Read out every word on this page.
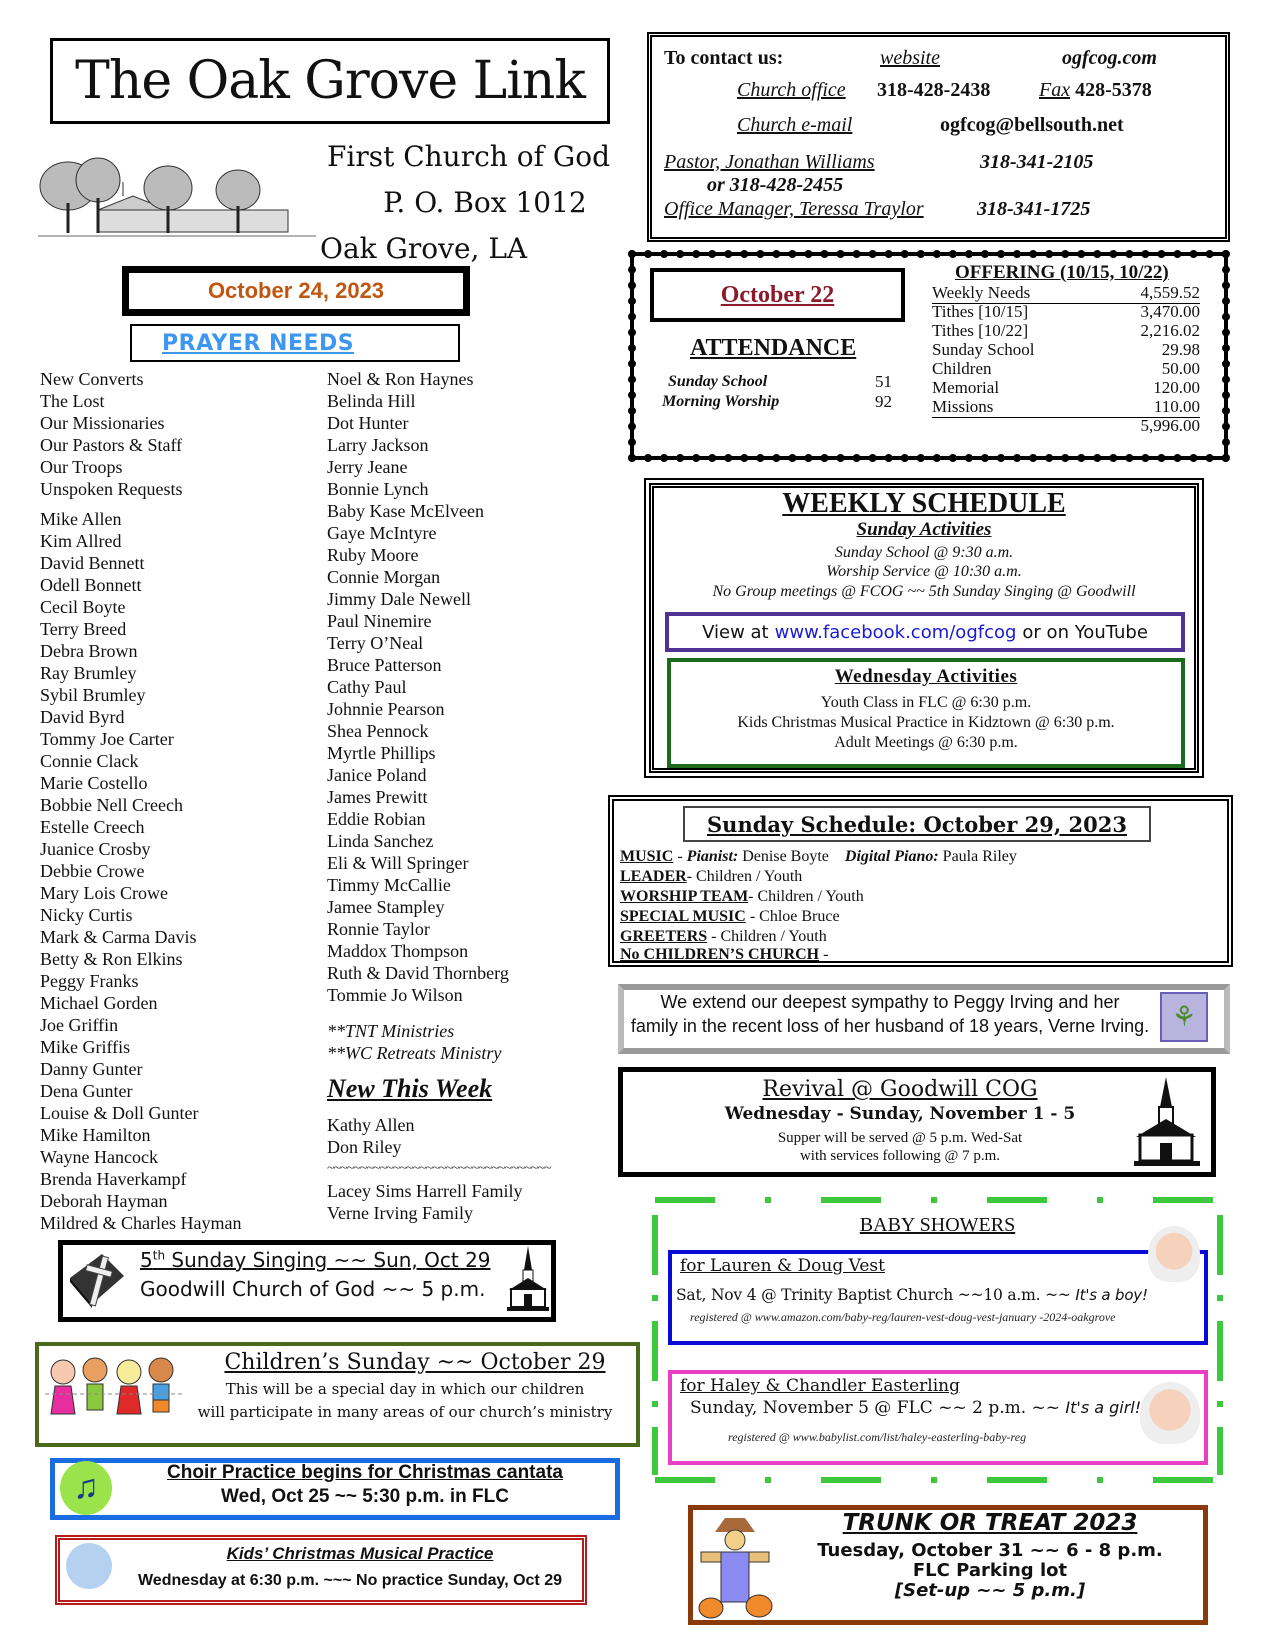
The Oak Grove Link
First Church of God
P. O. Box 1012
Oak Grove, LA
October 24, 2023
PRAYER NEEDS
New Converts
The Lost
Our Missionaries
Our Pastors & Staff
Our Troops
Unspoken Requests
Mike Allen
Kim Allred
David Bennett
Odell Bonnett
Cecil Boyte
Terry Breed
Debra Brown
Ray Brumley
Sybil Brumley
David Byrd
Tommy Joe Carter
Connie Clack
Marie Costello
Bobbie Nell Creech
Estelle Creech
Juanice Crosby
Debbie Crowe
Mary Lois Crowe
Nicky Curtis
Mark & Carma Davis
Betty & Ron Elkins
Peggy Franks
Michael Gorden
Joe Griffin
Mike Griffis
Danny Gunter
Dena Gunter
Louise & Doll Gunter
Mike Hamilton
Wayne Hancock
Brenda Haverkampf
Deborah Hayman
Mildred & Charles Hayman
Noel & Ron Haynes
Belinda Hill
Dot Hunter
Larry Jackson
Jerry Jeane
Bonnie Lynch
Baby Kase McElveen
Gaye McIntyre
Ruby Moore
Connie Morgan
Jimmy Dale Newell
Paul Ninemire
Terry O’Neal
Bruce Patterson
Cathy Paul
Johnnie Pearson
Shea Pennock
Myrtle Phillips
Janice Poland
James Prewitt
Eddie Robian
Linda Sanchez
Eli & Will Springer
Timmy McCallie
Jamee Stampley
Ronnie Taylor
Maddox Thompson
Ruth & David Thornberg
Tommie Jo Wilson
**TNT Ministries
**WC Retreats Ministry
New This Week
Kathy Allen
Don Riley
~~~~~~~~~~~~~~~~~~~~~~~~~~~~~~~~~~
Lacey Sims Harrell Family
Verne Irving Family
To contact us:	website	ogfcog.com
Church office 318-428-2438 Fax 428-5378
Church e-mail	ogfcog@bellsouth.net
Pastor, Jonathan Williams	318-341-2105
or 318-428-2455
Office Manager, Teressa Traylor	318-341-1725
October 22
ATTENDANCE
Sunday School	51
Morning Worship	92
OFFERING (10/15, 10/22)
Weekly Needs	4,559.52
Tithes [10/15]	3,470.00
Tithes [10/22]	2,216.02
Sunday School	29.98
Children	50.00
Memorial	120.00
Missions	110.00
5,996.00
WEEKLY SCHEDULE
Sunday Activities
Sunday School @ 9:30 a.m.
Worship Service @ 10:30 a.m.
No Group meetings @ FCOG ~~ 5th Sunday Singing @ Goodwill
View at www.facebook.com/ogfcog or on YouTube
Wednesday Activities
Youth Class in FLC @ 6:30 p.m.
Kids Christmas Musical Practice in Kidztown @ 6:30 p.m.
Adult Meetings @ 6:30 p.m.
Sunday Schedule: October 29, 2023
MUSIC - Pianist: Denise Boyte Digital Piano: Paula Riley
LEADER- Children / Youth
WORSHIP TEAM- Children / Youth
SPECIAL MUSIC - Chloe Bruce
GREETERS - Children / Youth
No CHILDREN’S CHURCH -
We extend our deepest sympathy to Peggy Irving and her
family in the recent loss of her husband of 18 years, Verne Irving. ⚘
Revival @ Goodwill COG
Wednesday - Sunday, November 1 - 5
Supper will be served @ 5 p.m. Wed-Sat
with services following @ 7 p.m.
BABY SHOWERS
for Lauren & Doug Vest
Sat, Nov 4 @ Trinity Baptist Church ~~10 a.m. ~~ It's a boy!
registered @ www.amazon.com/baby-reg/lauren-vest-doug-vest-january -2024-oakgrove
for Haley & Chandler Easterling
Sunday, November 5 @ FLC ~~ 2 p.m. ~~ It's a girl!
registered @ www.babylist.com/list/haley-easterling-baby-reg
TRUNK OR TREAT 2023
Tuesday, October 31 ~~ 6 - 8 p.m.
FLC Parking lot
[Set-up ~~ 5 p.m.]
5th Sunday Singing ~~ Sun, Oct 29
Goodwill Church of God ~~ 5 p.m.
Children’s Sunday ~~ October 29
This will be a special day in which our children
will participate in many areas of our church’s ministry
♫	Choir Practice begins for Christmas cantata
Wed, Oct 25 ~~ 5:30 p.m. in FLC
Kids’ Christmas Musical Practice
Wednesday at 6:30 p.m. ~~~ No practice Sunday, Oct 29
